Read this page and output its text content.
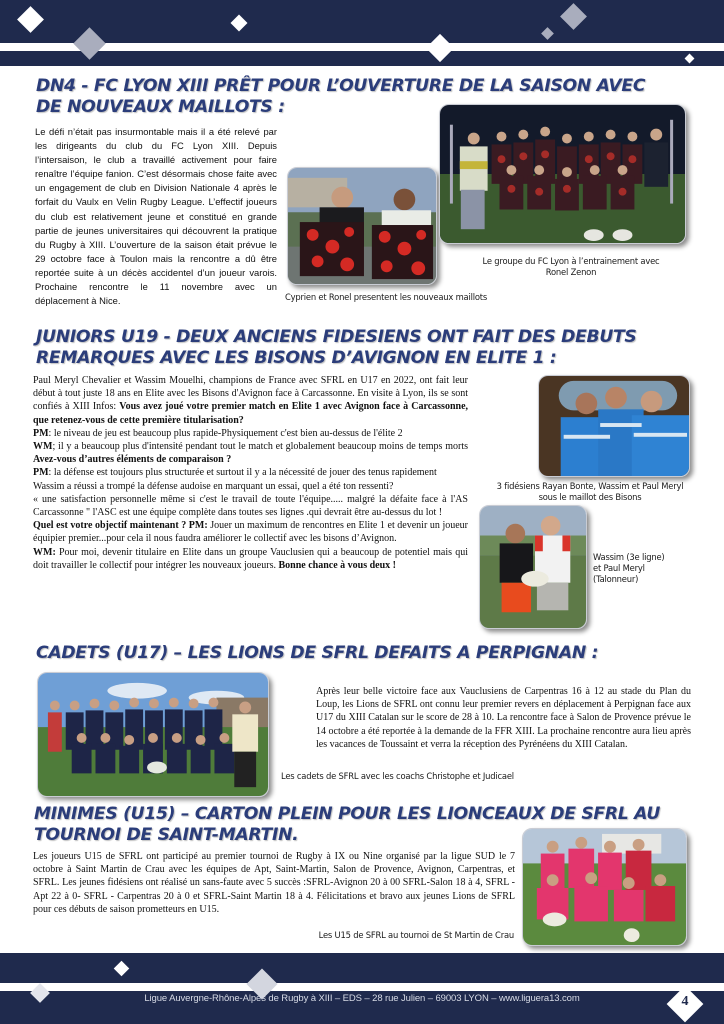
DN4 - FC LYON XIII PRÊT POUR L’OUVERTURE DE LA SAISON AVEC
DE NOUVEAUX MAILLOTS :
Le défi n’était pas insurmontable mais il a été relevé par les dirigeants du club du FC Lyon XIII. Depuis l’intersaison, le club a travaillé activement pour faire renaître l’équipe fanion. C’est désormais chose faite avec un engagement de club en Division Nationale 4 après le forfait du Vaulx en Velin Rugby League. L’effectif joueurs du club est relativement jeune et constitué en grande partie de jeunes universitaires qui découvrent la pratique du Rugby à XIII. L’ouverture de la saison était prévue le 29 octobre face à Toulon mais la rencontre a dû être reportée suite à un décès accidentel d’un joueur varois. Prochaine rencontre le 11 novembre avec un déplacement à Nice.	Cyprien et Ronel presentent les nouveaux maillots
Le groupe du FC Lyon à l’entrainement avec
Ronel Zenon
JUNIORS U19 - DEUX ANCIENS FIDESIENS ONT FAIT DES DEBUTS
REMARQUES AVEC LES BISONS D’AVIGNON EN ELITE 1 :

Paul Meryl Chevalier et Wassim Mouelhi, champions de France avec SFRL en U17 en 2022, ont fait leur début à tout juste 18 ans en Elite avec les Bisons d'Avignon face à Carcassonne. En visite à Lyon, ils se sont confiés à XIII Infos: Vous avez joué votre premier match en Elite 1 avec Avignon face à Carcassonne, que retenez-vous de cette première titularisation?

PM: le niveau de jeu est beaucoup plus rapide-Physiquement c'est bien au-dessus de l'élite 2

WM; il y a beaucoup plus d'intensité pendant tout le match et globalement beaucoup moins de temps morts Avez-vous d’autres éléments de comparaison ?

PM: la défense est toujours plus structurée et surtout il y a la nécessité de jouer des tenus rapidement

Wassim a réussi a trompé la défense audoise en marquant un essai, quel a été ton ressenti?

« une satisfaction personnelle même si c'est le travail de toute l'équipe..... malgré la défaite face à l'AS Carcassonne " l'ASC est une équipe complète dans toutes ses lignes .qui devrait être au-dessus du lot !

Quel est votre objectif maintenant ? PM: Jouer un maximum de rencontres en Elite 1 et devenir un joueur équipier premier...pour cela il nous faudra améliorer le collectif avec les bisons d’Avignon.

WM: Pour moi, devenir titulaire en Elite dans un groupe Vauclusien qui a beaucoup de potentiel mais qui doit travailler le collectif pour intégrer les nouveaux joueurs. Bonne chance à vous deux !

3 fidésiens Rayan Bonte, Wassim et Paul Meryl
sous le maillot des Bisons
Wassim (3e ligne)
et Paul Meryl
(Talonneur)
CADETS (U17) – LES LIONS DE SFRL DEFAITS A PERPIGNAN :
Après leur belle victoire face aux Vauclusiens de Carpentras 16 à 12 au stade du Plan du Loup, les Lions de SFRL ont connu leur premier revers en déplacement à Perpignan face aux U17 du XIII Catalan sur le score de 28 à 10. La rencontre face à Salon de Provence prévue le 14 octobre a été reportée à la demande de la FFR XIII. La prochaine rencontre aura lieu après les vacances de Toussaint et verra la réception des Pyrénéens du XIII Catalan.
Les cadets de SFRL avec les coachs Christophe et Judicael
MINIMES (U15) – CARTON PLEIN POUR LES LIONCEAUX DE SFRL AU
TOURNOI DE SAINT-MARTIN.
Les joueurs U15 de SFRL ont participé au premier tournoi de Rugby à IX ou Nine organisé par la ligue SUD le 7 octobre à Saint Martin de Crau avec les équipes de Apt, Saint-Martin, Salon de Provence, Avignon, Carpentras, et SFRL. Les jeunes fidésiens ont réalisé un sans-faute avec 5 succès :SFRL-Avignon 20 à 00 SFRL-Salon 18 à 4, SFRL -Apt 22 à 0- SFRL - Carpentras 20 à 0 et SFRL-Saint Martin 18 à 4. Félicitations et bravo aux jeunes Lions de SFRL pour ces débuts de saison prometteurs en U15.
Les U15 de SFRL au tournoi de St Martin de Crau
Ligue Auvergne-Rhône-Alpes de Rugby à XIII – EDS – 28 rue Julien – 69003 LYON – www.liguera13.com	4
